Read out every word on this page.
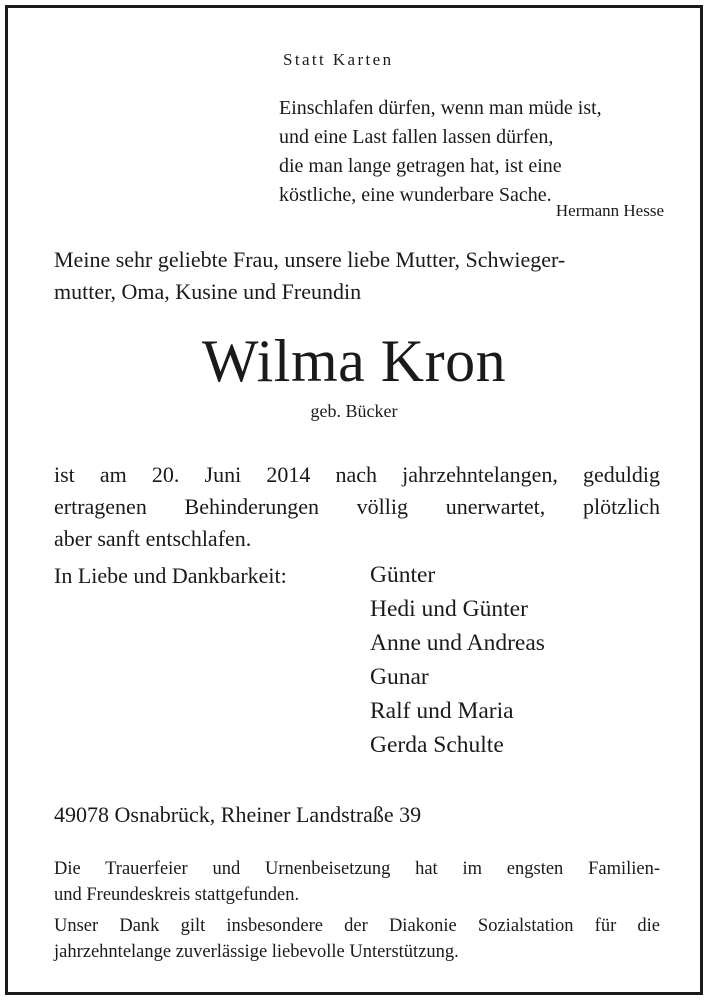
Statt Karten
Einschlafen dürfen, wenn man müde ist,
und eine Last fallen lassen dürfen,
die man lange getragen hat, ist eine
köstliche, eine wunderbare Sache.
Hermann Hesse
Meine sehr geliebte Frau, unsere liebe Mutter, Schwieger-
mutter, Oma, Kusine und Freundin
Wilma Kron
geb. Bücker
ist am 20. Juni 2014 nach jahrzehntelangen, geduldig
ertragenen Behinderungen völlig unerwartet, plötzlich
aber sanft entschlafen.
In Liebe und Dankbarkeit:	Günter
Hedi und Günter
Anne und Andreas
Gunar
Ralf und Maria
Gerda Schulte
49078 Osnabrück, Rheiner Landstraße 39
Die Trauerfeier und Urnenbeisetzung hat im engsten Familien-
und Freundeskreis stattgefunden.
Unser Dank gilt insbesondere der Diakonie Sozialstation für die
jahrzehntelange zuverlässige liebevolle Unterstützung.
